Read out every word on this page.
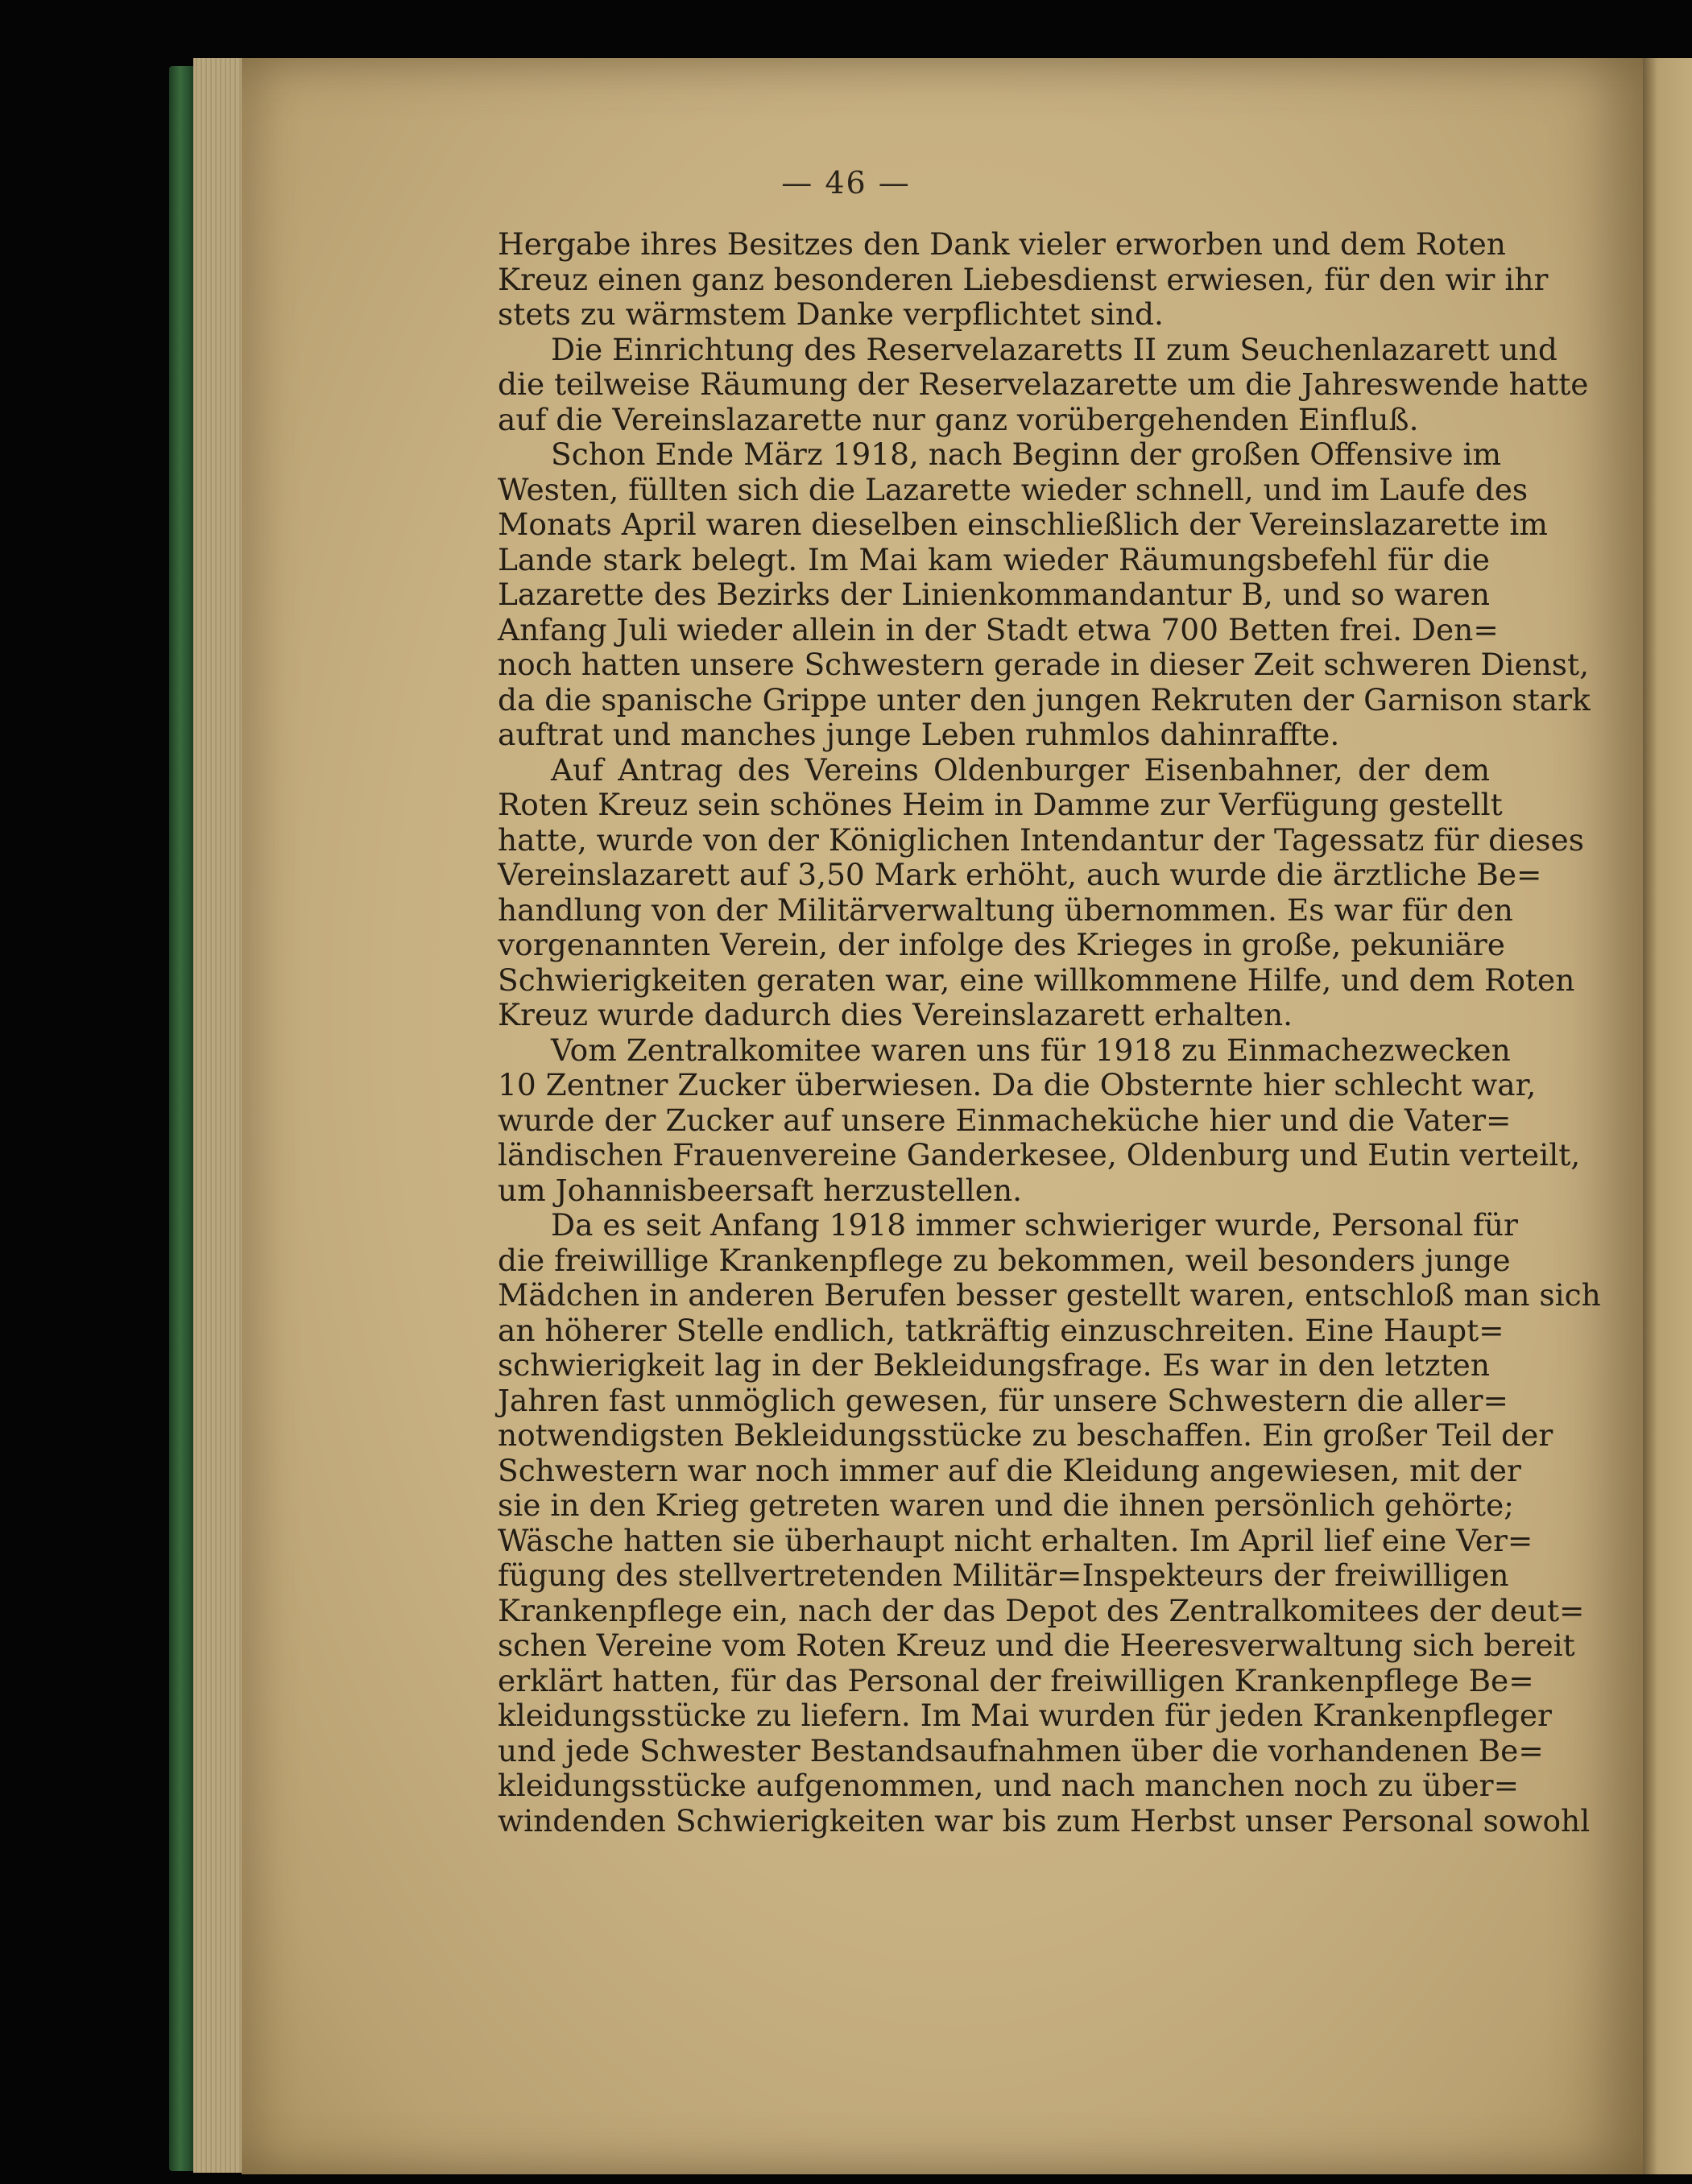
— 46 —
Hergabe ihres Besitzes den Dank vieler erworben und dem Roten
Kreuz einen ganz besonderen Liebesdienst erwiesen, für den wir ihr
stets zu wärmstem Danke verpflichtet sind.
Die Einrichtung des Reservelazaretts II zum Seuchenlazarett und
die teilweise Räumung der Reservelazarette um die Jahreswende hatte
auf die Vereinslazarette nur ganz vorübergehenden Einfluß.
Schon Ende März 1918, nach Beginn der großen Offensive im
Westen, füllten sich die Lazarette wieder schnell, und im Laufe des
Monats April waren dieselben einschließlich der Vereinslazarette im
Lande stark belegt. Im Mai kam wieder Räumungsbefehl für die
Lazarette des Bezirks der Linienkommandantur B, und so waren
Anfang Juli wieder allein in der Stadt etwa 700 Betten frei. Den=
noch hatten unsere Schwestern gerade in dieser Zeit schweren Dienst,
da die spanische Grippe unter den jungen Rekruten der Garnison stark
auftrat und manches junge Leben ruhmlos dahinraffte.
Auf Antrag des Vereins Oldenburger Eisenbahner, der dem
Roten Kreuz sein schönes Heim in Damme zur Verfügung gestellt
hatte, wurde von der Königlichen Intendantur der Tagessatz für dieses
Vereinslazarett auf 3,50 Mark erhöht, auch wurde die ärztliche Be=
handlung von der Militärverwaltung übernommen. Es war für den
vorgenannten Verein, der infolge des Krieges in große, pekuniäre
Schwierigkeiten geraten war, eine willkommene Hilfe, und dem Roten
Kreuz wurde dadurch dies Vereinslazarett erhalten.
Vom Zentralkomitee waren uns für 1918 zu Einmachezwecken
10 Zentner Zucker überwiesen. Da die Obsternte hier schlecht war,
wurde der Zucker auf unsere Einmacheküche hier und die Vater=
ländischen Frauenvereine Ganderkesee, Oldenburg und Eutin verteilt,
um Johannisbeersaft herzustellen.
Da es seit Anfang 1918 immer schwieriger wurde, Personal für
die freiwillige Krankenpflege zu bekommen, weil besonders junge
Mädchen in anderen Berufen besser gestellt waren, entschloß man sich
an höherer Stelle endlich, tatkräftig einzuschreiten. Eine Haupt=
schwierigkeit lag in der Bekleidungsfrage. Es war in den letzten
Jahren fast unmöglich gewesen, für unsere Schwestern die aller=
notwendigsten Bekleidungsstücke zu beschaffen. Ein großer Teil der
Schwestern war noch immer auf die Kleidung angewiesen, mit der
sie in den Krieg getreten waren und die ihnen persönlich gehörte;
Wäsche hatten sie überhaupt nicht erhalten. Im April lief eine Ver=
fügung des stellvertretenden Militär=Inspekteurs der freiwilligen
Krankenpflege ein, nach der das Depot des Zentralkomitees der deut=
schen Vereine vom Roten Kreuz und die Heeresverwaltung sich bereit
erklärt hatten, für das Personal der freiwilligen Krankenpflege Be=
kleidungsstücke zu liefern. Im Mai wurden für jeden Krankenpfleger
und jede Schwester Bestandsaufnahmen über die vorhandenen Be=
kleidungsstücke aufgenommen, und nach manchen noch zu über=
windenden Schwierigkeiten war bis zum Herbst unser Personal sowohl
